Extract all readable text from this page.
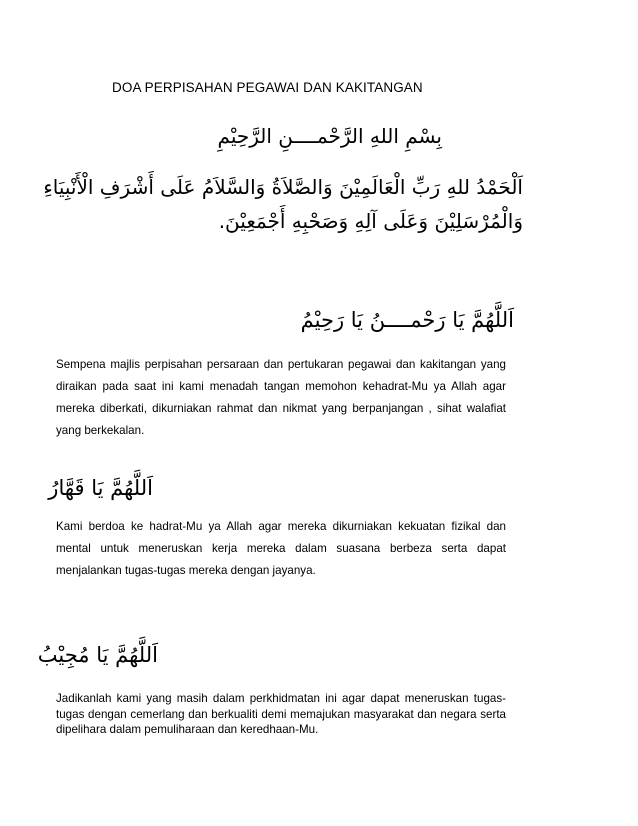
DOA PERPISAHAN PEGAWAI DAN KAKITANGAN
بِسْمِ اللهِ الرَّحْمــــنِ الرَّحِيْمِ
اَلْحَمْدُ للهِ رَبِّ الْعَالَمِيْنَ وَالصَّلاَةُ وَالسَّلاَمُ عَلَى أَشْرَفِ الْأَنْبِيَاءِ
وَالْمُرْسَلِيْنَ وَعَلَى آلِهِ وَصَحْبِهِ أَجْمَعِيْنَ.
اَللَّهُمَّ يَا رَحْمــــنُ يَا رَحِيْمُ
Sempena majlis perpisahan persaraan dan pertukaran pegawai dan kakitangan yang diraikan pada saat ini kami menadah tangan memohon kehadrat-Mu ya Allah agar mereka diberkati, dikurniakan rahmat dan nikmat yang berpanjangan , sihat walafiat yang berkekalan.
اَللَّهُمَّ يَا قَهَّارُ
Kami berdoa ke hadrat-Mu ya Allah agar mereka dikurniakan kekuatan fizikal dan mental untuk meneruskan kerja mereka dalam suasana berbeza serta dapat menjalankan tugas-tugas mereka dengan jayanya.
اَللَّهُمَّ يَا مُجِيْبُ
Jadikanlah kami yang masih dalam perkhidmatan ini agar dapat meneruskan tugas-tugas dengan cemerlang dan berkualiti demi memajukan masyarakat dan negara serta dipelihara dalam pemuliharaan dan keredhaan-Mu.
